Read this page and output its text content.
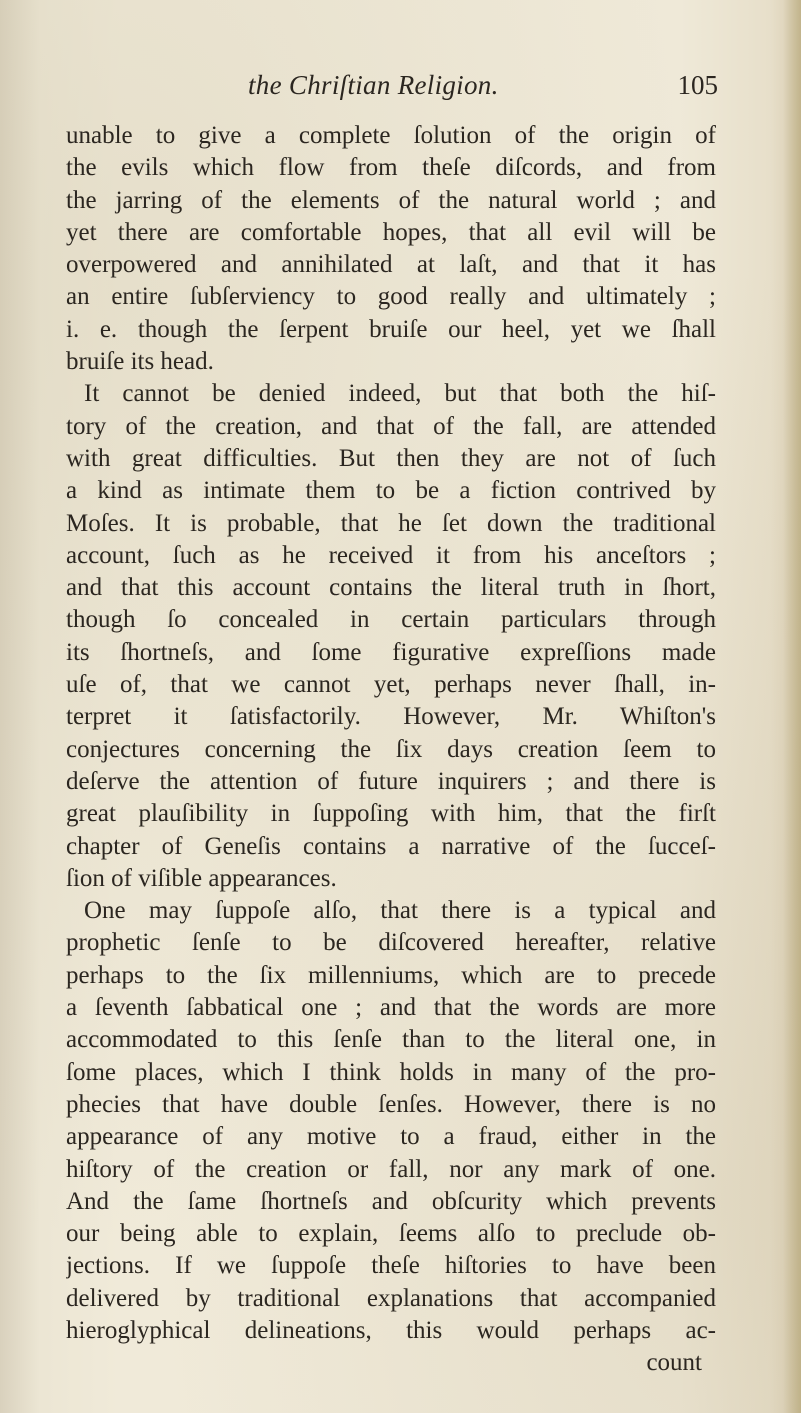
the Chriſtian Religion.	105
unable to give a complete ſolution of the origin of
the evils which flow from theſe diſcords, and from
the jarring of the elements of the natural world ; and
yet there are comfortable hopes, that all evil will be
overpowered and annihilated at laſt, and that it has
an entire ſubſerviency to good really and ultimately ;
i. e. though the ſerpent bruiſe our heel, yet we ſhall
bruiſe its head.
It cannot be denied indeed, but that both the hiſ-
tory of the creation, and that of the fall, are attended
with great difficulties. But then they are not of ſuch
a kind as intimate them to be a fiction contrived by
Moſes. It is probable, that he ſet down the traditional
account, ſuch as he received it from his anceſtors ;
and that this account contains the literal truth in ſhort,
though ſo concealed in certain particulars through
its ſhortneſs, and ſome figurative expreſſions made
uſe of, that we cannot yet, perhaps never ſhall, in-
terpret it ſatisfactorily. However, Mr. Whiſton's
conjectures concerning the ſix days creation ſeem to
deſerve the attention of future inquirers ; and there is
great plauſibility in ſuppoſing with him, that the firſt
chapter of Geneſis contains a narrative of the ſucceſ-
ſion of viſible appearances.
One may ſuppoſe alſo, that there is a typical and
prophetic ſenſe to be diſcovered hereafter, relative
perhaps to the ſix millenniums, which are to precede
a ſeventh ſabbatical one ; and that the words are more
accommodated to this ſenſe than to the literal one, in
ſome places, which I think holds in many of the pro-
phecies that have double ſenſes. However, there is no
appearance of any motive to a fraud, either in the
hiſtory of the creation or fall, nor any mark of one.
And the ſame ſhortneſs and obſcurity which prevents
our being able to explain, ſeems alſo to preclude ob-
jections. If we ſuppoſe theſe hiſtories to have been
delivered by traditional explanations that accompanied
hieroglyphical delineations, this would perhaps ac-
count
